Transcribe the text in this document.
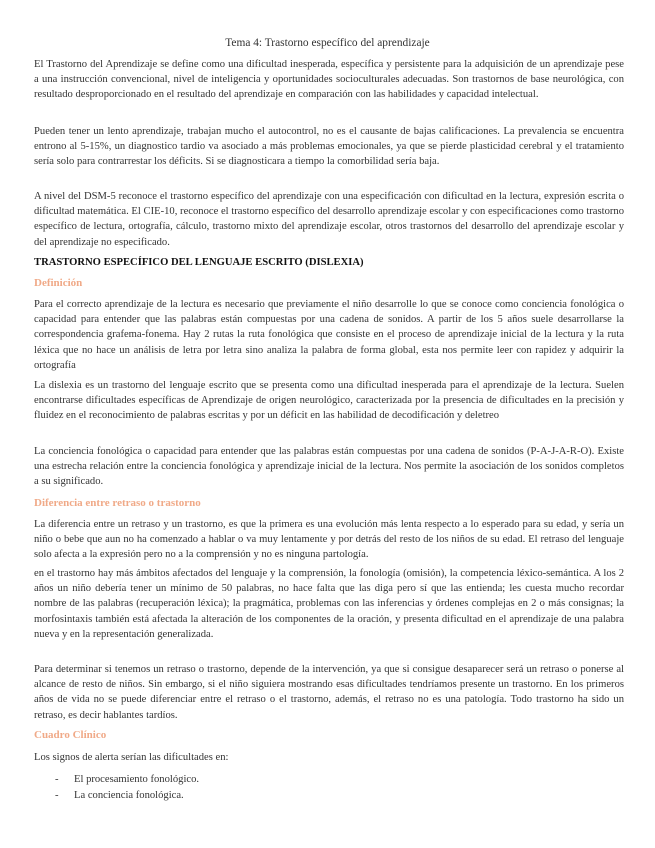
Tema 4: Trastorno específico del aprendizaje

El Trastorno del Aprendizaje se define como una dificultad inesperada, específica y persistente para la adquisición de un aprendizaje pese a una instrucción convencional, nivel de inteligencia y oportunidades socioculturales adecuadas. Son trastornos de base neurológica, con resultado desproporcionado en el resultado del aprendizaje en comparación con las habilidades y capacidad intelectual.

Pueden tener un lento aprendizaje, trabajan mucho el autocontrol, no es el causante de bajas calificaciones. La prevalencia se encuentra entrono al 5-15%, un diagnostico tardio va asociado a más problemas emocionales, ya que se pierde plasticidad cerebral y el tratamiento sería solo para contrarrestar los déficits. Si se diagnosticara a tiempo la comorbilidad sería baja.

A nivel del DSM-5 reconoce el trastorno específico del aprendizaje con una especificación con dificultad en la lectura, expresión escrita o dificultad matemática. El CIE-10, reconoce el trastorno específico del desarrollo aprendizaje escolar y con especificaciones como trastorno específico de lectura, ortografía, cálculo, trastorno mixto del aprendizaje escolar, otros trastornos del desarrollo del aprendizaje escolar y del aprendizaje no especificado.

TRASTORNO ESPECÍFICO DEL LENGUAJE ESCRITO (DISLEXIA)
Definición

Para el correcto aprendizaje de la lectura es necesario que previamente el niño desarrolle lo que se conoce como conciencia fonológica o capacidad para entender que las palabras están compuestas por una cadena de sonidos. A partir de los 5 años suele desarrollarse la correspondencia grafema-fonema. Hay 2 rutas la ruta fonológica que consiste en el proceso de aprendizaje inicial de la lectura y la ruta léxica que no hace un análisis de letra por letra sino analiza la palabra de forma global, esta nos permite leer con rapidez y adquirir la ortografía

La dislexia es un trastorno del lenguaje escrito que se presenta como una dificultad inesperada para el aprendizaje de la lectura. Suelen encontrarse dificultades específicas de Aprendizaje de origen neurológico, caracterizada por la presencia de dificultades en la precisión y fluidez en el reconocimiento de palabras escritas y por un déficit en las habilidad de decodificación y deletreo

La conciencia fonológica o capacidad para entender que las palabras están compuestas por una cadena de sonidos (P-A-J-A-R-O). Existe una estrecha relación entre la conciencia fonológica y aprendizaje inicial de la lectura. Nos permite la asociación de los sonidos completos a su significado.

Diferencia entre retraso o trastorno

La diferencia entre un retraso y un trastorno, es que la primera es una evolución más lenta respecto a lo esperado para su edad, y sería un niño o bebe que aun no ha comenzado a hablar o va muy lentamente y por detrás del resto de los niños de su edad. El retraso del lenguaje solo afecta a la expresión pero no a la comprensión y no es ninguna partología.

en el trastorno hay más ámbitos afectados del lenguaje y la comprensión, la fonología (omisión), la competencia léxico-semántica. A los 2 años un niño debería tener un mínimo de 50 palabras, no hace falta que las diga pero sí que las entienda; les cuesta mucho recordar nombre de las palabras (recuperación léxica); la pragmática, problemas con las inferencias y órdenes complejas en 2 o más consignas; la morfosintaxis también está afectada la alteración de los componentes de la oración, y presenta dificultad en el aprendizaje de una palabra nueva y en la representación generalizada.

Para determinar si tenemos un retraso o trastorno, depende de la intervención, ya que si consigue desaparecer será un retraso o ponerse al alcance de resto de niños. Sin embargo, si el niño siguiera mostrando esas dificultades tendríamos presente un trastorno. En los primeros años de vida no se puede diferenciar entre el retraso o el trastorno, además, el retraso no es una patología. Todo trastorno ha sido un retraso, es decir hablantes tardíos.

Cuadro Clínico

Los signos de alerta serían las dificultades en:

- El procesamiento fonológico.
- La conciencia fonológica.
